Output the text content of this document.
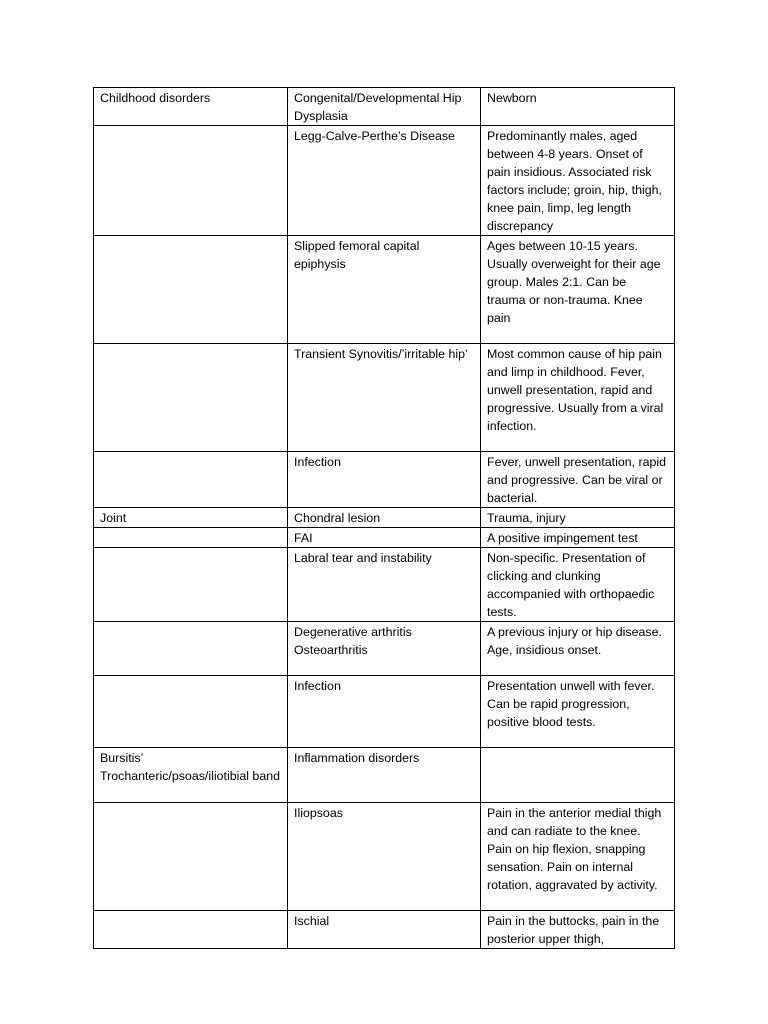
Childhood disorders	Congenital/Developmental Hip Dysplasia	Newborn
	Legg-Calve-Perthe’s Disease	Predominantly males, aged between 4-8 years. Onset of pain insidious. Associated risk factors include; groin, hip, thigh, knee pain, limp, leg length discrepancy
	Slipped femoral capital epiphysis	Ages between 10-15 years. Usually overweight for their age group. Males 2:1. Can be trauma or non-trauma. Knee pain
	Transient Synovitis/’irritable hip’	Most common cause of hip pain and limp in childhood. Fever, unwell presentation, rapid and progressive. Usually from a viral infection.
	Infection	Fever, unwell presentation, rapid and progressive. Can be viral or bacterial.
Joint	Chondral lesion	Trauma, injury
	FAI	A positive impingement test
	Labral tear and instability	Non-specific. Presentation of clicking and clunking accompanied with orthopaedic tests.
	Degenerative arthritis Osteoarthritis	A previous injury or hip disease. Age, insidious onset.
	Infection	Presentation unwell with fever. Can be rapid progression, positive blood tests.
Bursitis’ Trochanteric/psoas/iliotibial band	Inflammation disorders	
	Iliopsoas	Pain in the anterior medial thigh and can radiate to the knee. Pain on hip flexion, snapping sensation. Pain on internal rotation, aggravated by activity.
	Ischial	Pain in the buttocks, pain in the posterior upper thigh,
